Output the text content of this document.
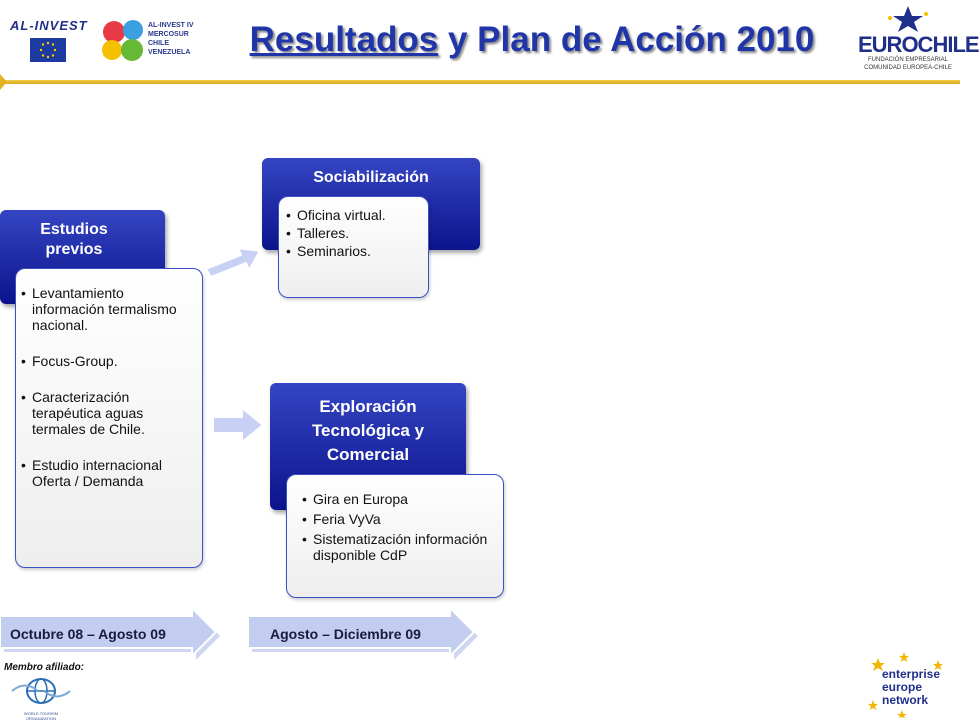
AL-INVEST	AL-INVEST IV
MERCOSUR
CHILE
VENEZUELA	Resultados y Plan de Acción 2010	EUROCHILE
FUNDACIÓN EMPRESARIAL
COMUNIDAD EUROPEA-CHILE
Estudios previos
• Levantamiento información termalismo nacional.
• Focus-Group.
• Caracterización terapéutica aguas termales de Chile.
• Estudio internacional Oferta / Demanda
Sociabilización
• Oficina virtual.
• Talleres.
• Seminarios.
Exploración Tecnológica y Comercial
• Gira en Europa
• Feria VyVa
• Sistematización información disponible CdP
Octubre 08 – Agosto 09	Agosto – Diciembre 09
Membro afiliado:
WORLD TOURISM ORGANIZATION
enterprise
europe
network
